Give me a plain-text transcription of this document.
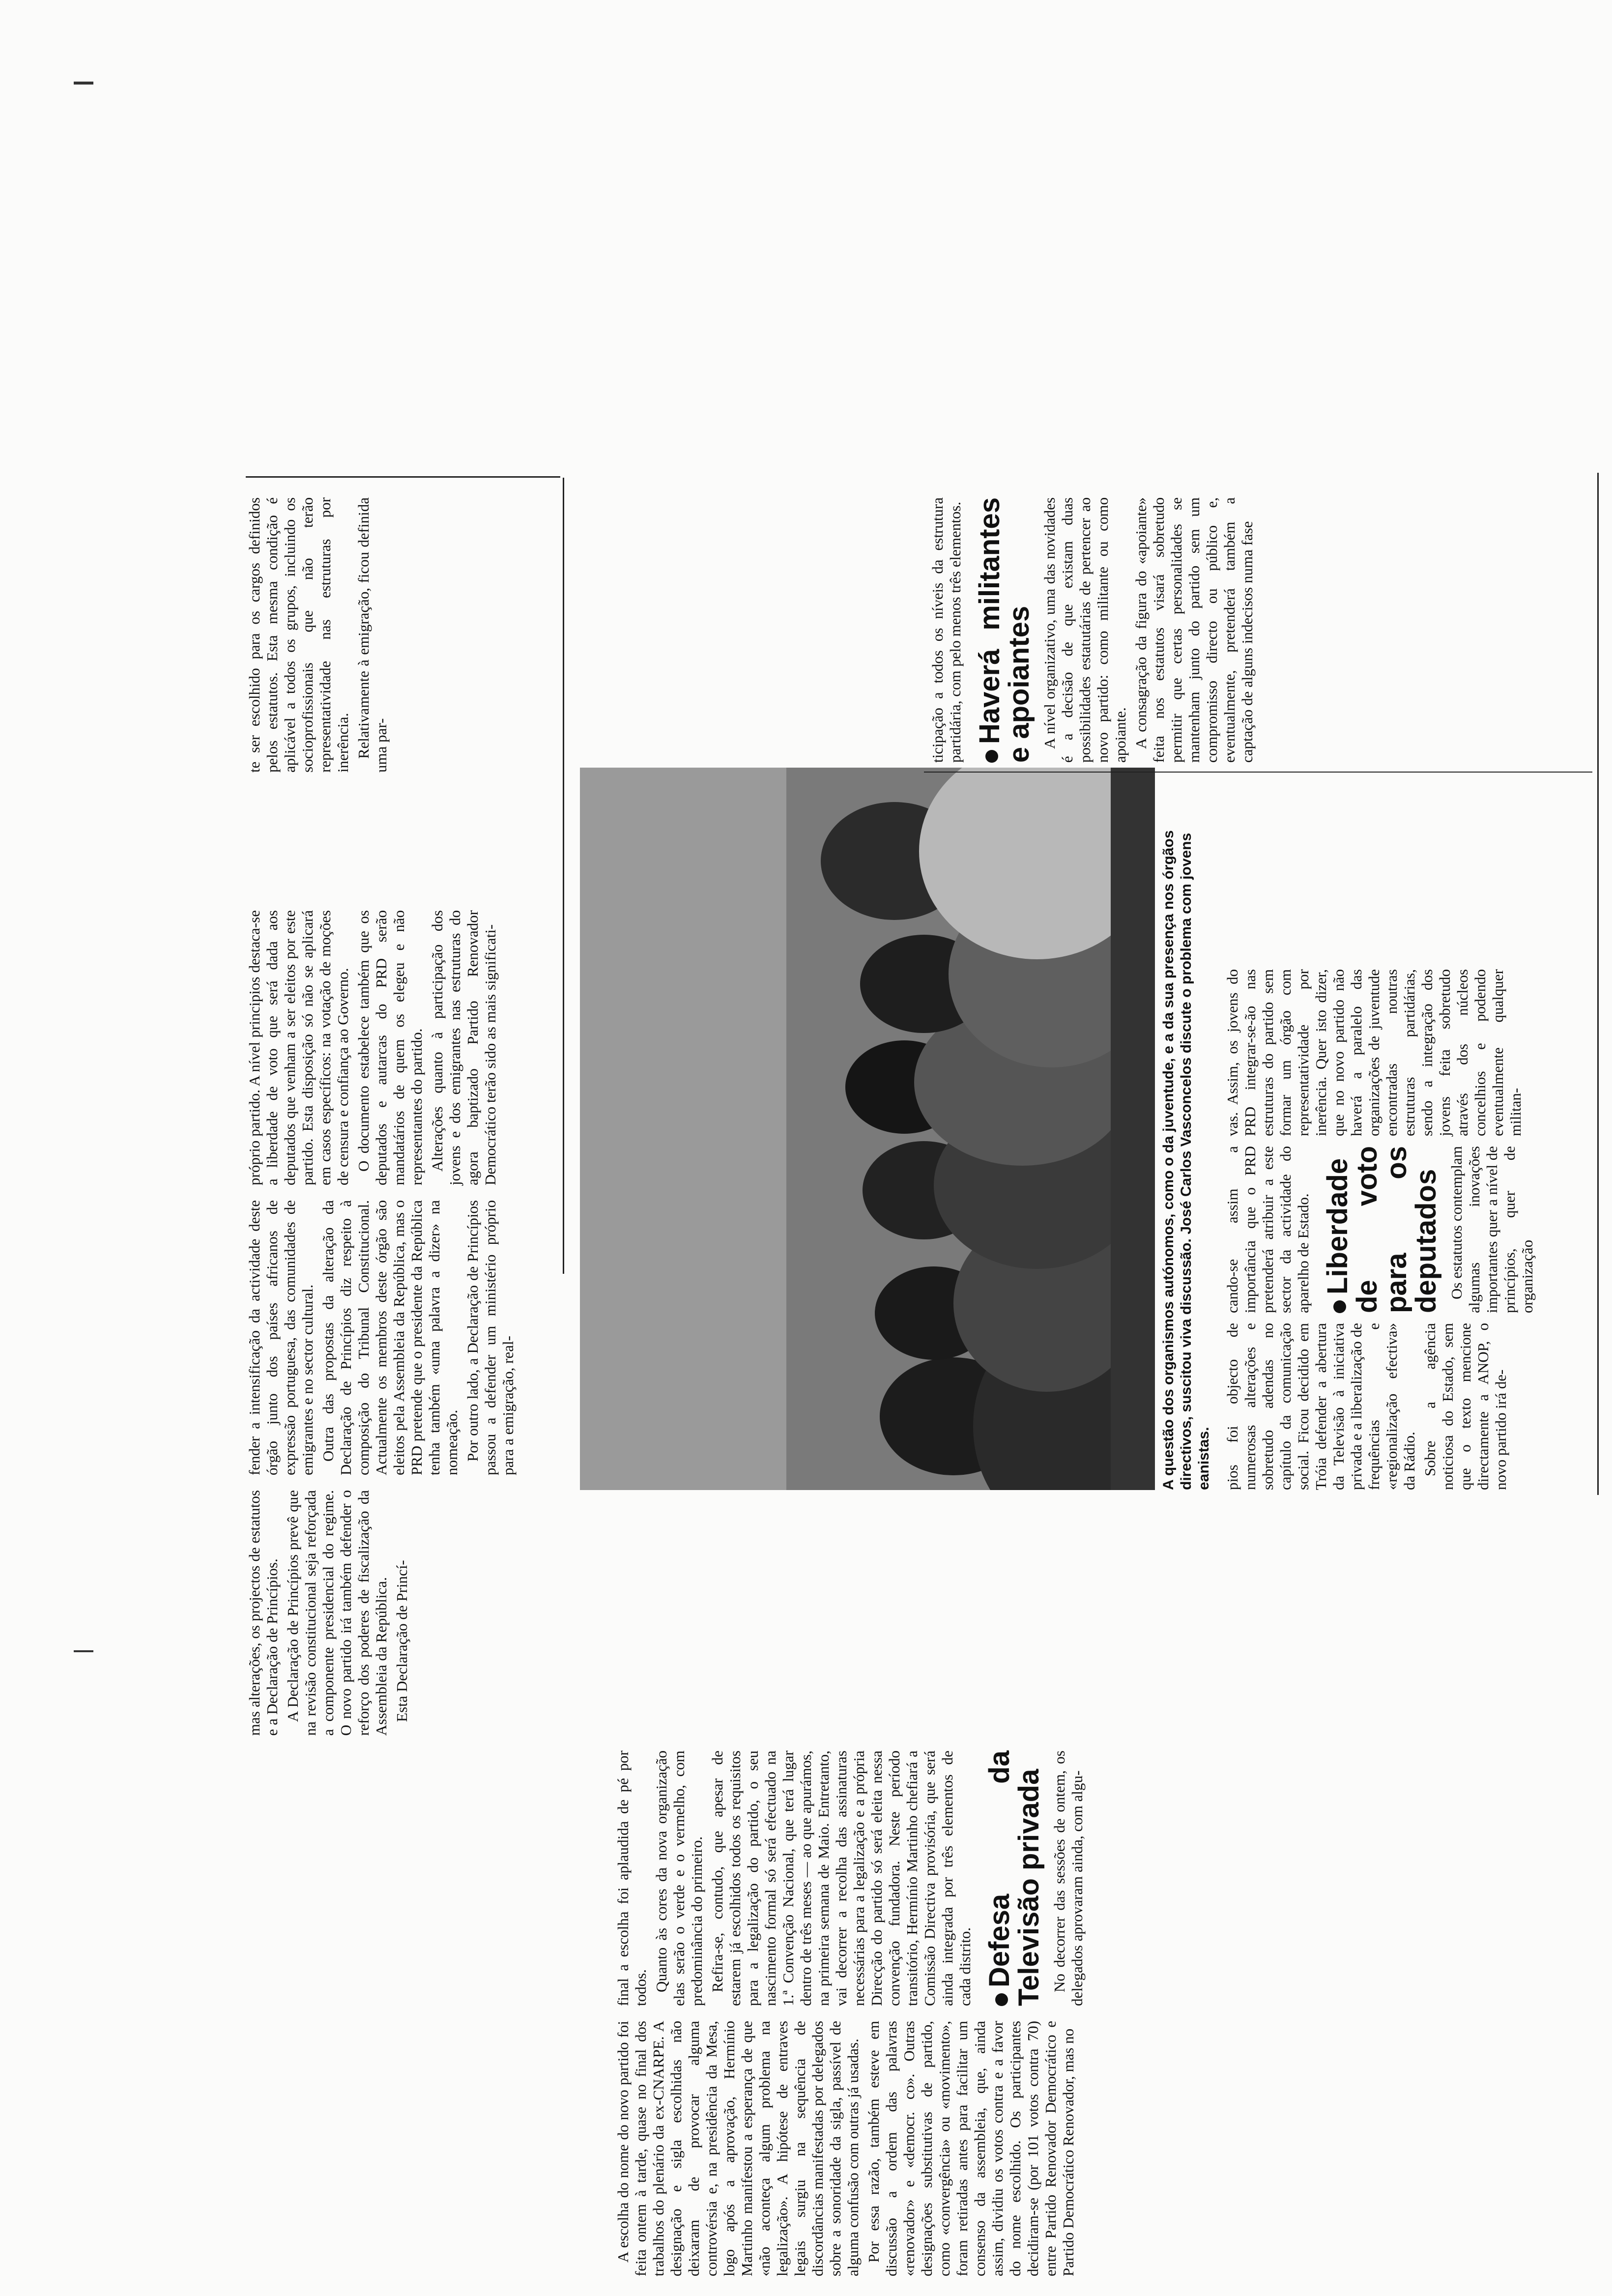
A escolha do nome do novo partido foi feita ontem à tarde, quase no final dos trabalhos do plenário da ex-CNARPE. A designação e sigla escolhidas não deixaram de provocar alguma controvérsia e, na presidência da Mesa, logo após a aprovação, Hermínio Martinho manifestou a esperança de que «não aconteça algum problema na legalização». A hipótese de entraves legais surgiu na sequência de discordâncias manifestadas por delegados sobre a sonoridade da sigla, passível de alguma confusão com outras já usadas. Por essa razão, também esteve em discussão a ordem das palavras «renovador» e «democr. co». Outras designações substitutivas de partido, como «convergência» ou «movimento», foram retiradas antes para facilitar um consenso da assembleia, que, ainda assim, dividiu os votos contra e a favor do nome escolhido. Os participantes decidiram-se (por 101 votos contra 70) entre Partido Renovador Democrático e Partido Democrático Renovador, mas no

final a escolha foi aplaudida de pé por todos. Quanto às cores da nova organização elas serão o verde e o vermelho, com predominância do primeiro. Refira-se, contudo, que apesar de estarem já escolhidos todos os requisitos para a legalização do partido, o seu nascimento formal só será efectuado na 1.ª Convenção Nacional, que terá lugar dentro de três meses — ao que apurámos, na primeira semana de Maio. Entretanto, vai decorrer a recolha das assinaturas necessárias para a legalização e a própria Direcção do partido só será eleita nessa convenção fundadora. Neste período transitório, Hermínio Martinho chefiará a Comissão Directiva provisória, que será ainda integrada por três elementos de cada distrito. Defesa da Televisão privada No decorrer das sessões de ontem, os delegados aprovaram ainda, com algu-

mas alterações, os projectos de estatutos e a Declaração de Princípios. A Declaração de Princípios prevê que na revisão constitucional seja reforçada a componente presidencial do regime. O novo partido irá também defender o reforço dos poderes de fiscalização da Assembleia da República. Esta Declaração de Princí-

fender a intensificação da actividade deste órgão junto dos países africanos de expressão portuguesa, das comunidades de emigrantes e no sector cultural. Outra das propostas da alteração da Declaração de Princípios diz respeito à composição do Tribunal Constitucional. Actualmente os membros deste órgão são eleitos pela Assembleia da República, mas o PRD pretende que o presidente da República tenha também «uma palavra a dizer» na nomeação. Por outro lado, a Declaração de Princípios passou a defender um ministério próprio para a emigração, real-

próprio partido. A nível principios destaca-se a liberdade de voto que será dada aos deputados que venham a ser eleitos por este partido. Esta disposição só não se aplicará em casos específicos: na votação de moções de censura e confiança ao Governo. O documento estabelece também que os deputados e autarcas do PRD serão mandatários de quem os elegeu e não representantes do partido. Alterações quanto à participação dos jovens e dos emigrantes nas estruturas do agora baptizado Partido Renovador Democrático terão sido as mais significati-

te ser escolhido para os cargos definidos pelos estatutos. Esta mesma condição é aplicável a todos os grupos, incluindo os socioprofissionais que não terão representatividade nas estruturas por inerência. Relativamente à emigração, ficou definida uma par-

A questão dos organismos autónomos, como o da juventude, e a da sua presença nos órgãos directivos, suscitou viva discussão. José Carlos Vasconcelos discute o problema com jovens eanistas. pios foi objecto de numerosas alterações e sobretudo adendas no capítulo da comunicação social. Ficou decidido em Tróia defender a abertura da Televisão à iniciativa privada e a liberalização de frequências e «regionalização efectiva» da Rádio. Sobre a agência noticiosa do Estado, sem que o texto mencione directamente a ANOP, o novo partido irá de-

cando-se assim a importância que o PRD pretenderá atribuir a este sector da actividade do aparelho de Estado. Liberdade de voto para os deputados Os estatutos contemplam algumas inovações importantes quer a nível de princípios, quer de organização

vas. Assim, os jovens do PRD integrar-se-ão nas estruturas do partido sem formar um órgão com representatividade por inerência. Quer isto dizer, que no novo partido não haverá a paralelo das organizações de juventude encontradas noutras estruturas partidárias, sendo a integração dos jovens feita sobretudo através dos núcleos concelhios e podendo eventualmente qualquer militan-

ticipação a todos os níveis da estrutura partidária, com pelo menos três elementos. Haverá militantes e apoiantes A nível organizativo, uma das novidades é a decisão de que existam duas possibilidades estatutárias de pertencer ao novo partido: como militante ou como apoiante. A consagração da figura do «apoiante» feita nos estatutos visará sobretudo permitir que certas personalidades se mantenham junto do partido sem um compromisso directo ou público e, eventualmente, pretenderá também a captação de alguns indecisos numa fase
